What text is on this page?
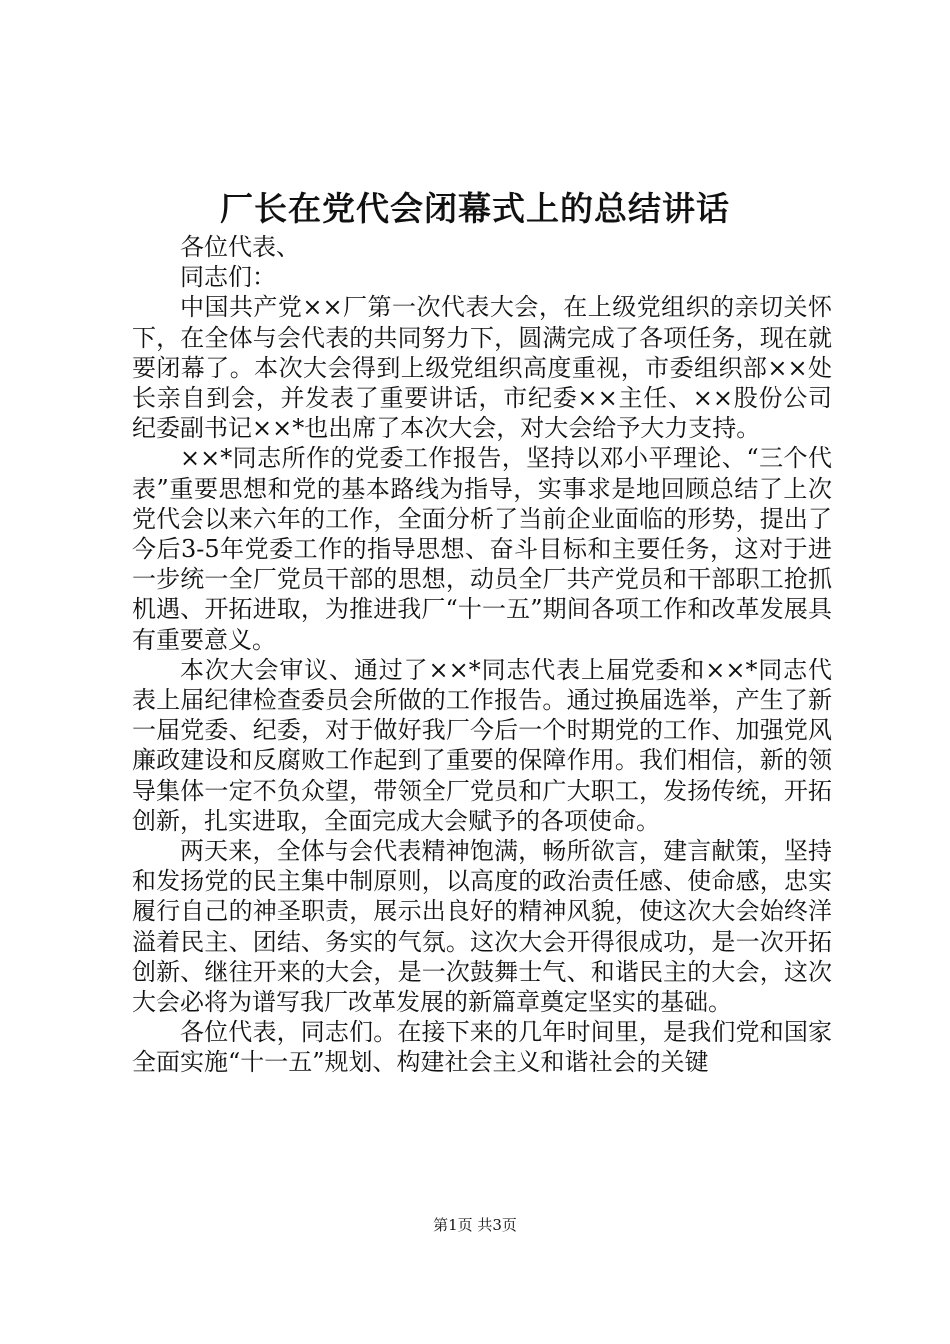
厂长在党代会闭幕式上的总结讲话

各位代表、

同志们：

中国共产党××厂第一次代表大会，在上级党组织的亲切关怀下，在全体与会代表的共同努力下，圆满完成了各项任务，现在就要闭幕了。本次大会得到上级党组织高度重视，市委组织部××处长亲自到会，并发表了重要讲话，市纪委××主任、××股份公司纪委副书记××*也出席了本次大会，对大会给予大力支持。

××*同志所作的党委工作报告，坚持以邓小平理论、“三个代表”重要思想和党的基本路线为指导，实事求是地回顾总结了上次党代会以来六年的工作，全面分析了当前企业面临的形势，提出了今后3-5年党委工作的指导思想、奋斗目标和主要任务，这对于进一步统一全厂党员干部的思想，动员全厂共产党员和干部职工抢抓机遇、开拓进取，为推进我厂“十一五”期间各项工作和改革发展具有重要意义。

本次大会审议、通过了××*同志代表上届党委和××*同志代表上届纪律检查委员会所做的工作报告。通过换届选举，产生了新一届党委、纪委，对于做好我厂今后一个时期党的工作、加强党风廉政建设和反腐败工作起到了重要的保障作用。我们相信，新的领导集体一定不负众望，带领全厂党员和广大职工，发扬传统，开拓创新，扎实进取，全面完成大会赋予的各项使命。

两天来，全体与会代表精神饱满，畅所欲言，建言献策，坚持和发扬党的民主集中制原则，以高度的政治责任感、使命感，忠实履行自己的神圣职责，展示出良好的精神风貌，使这次大会始终洋溢着民主、团结、务实的气氛。这次大会开得很成功，是一次开拓创新、继往开来的大会，是一次鼓舞士气、和谐民主的大会，这次大会必将为谱写我厂改革发展的新篇章奠定坚实的基础。

各位代表，同志们。在接下来的几年时间里，是我们党和国家全面实施“十一五”规划、构建社会主义和谐社会的关键

第1页 共3页
